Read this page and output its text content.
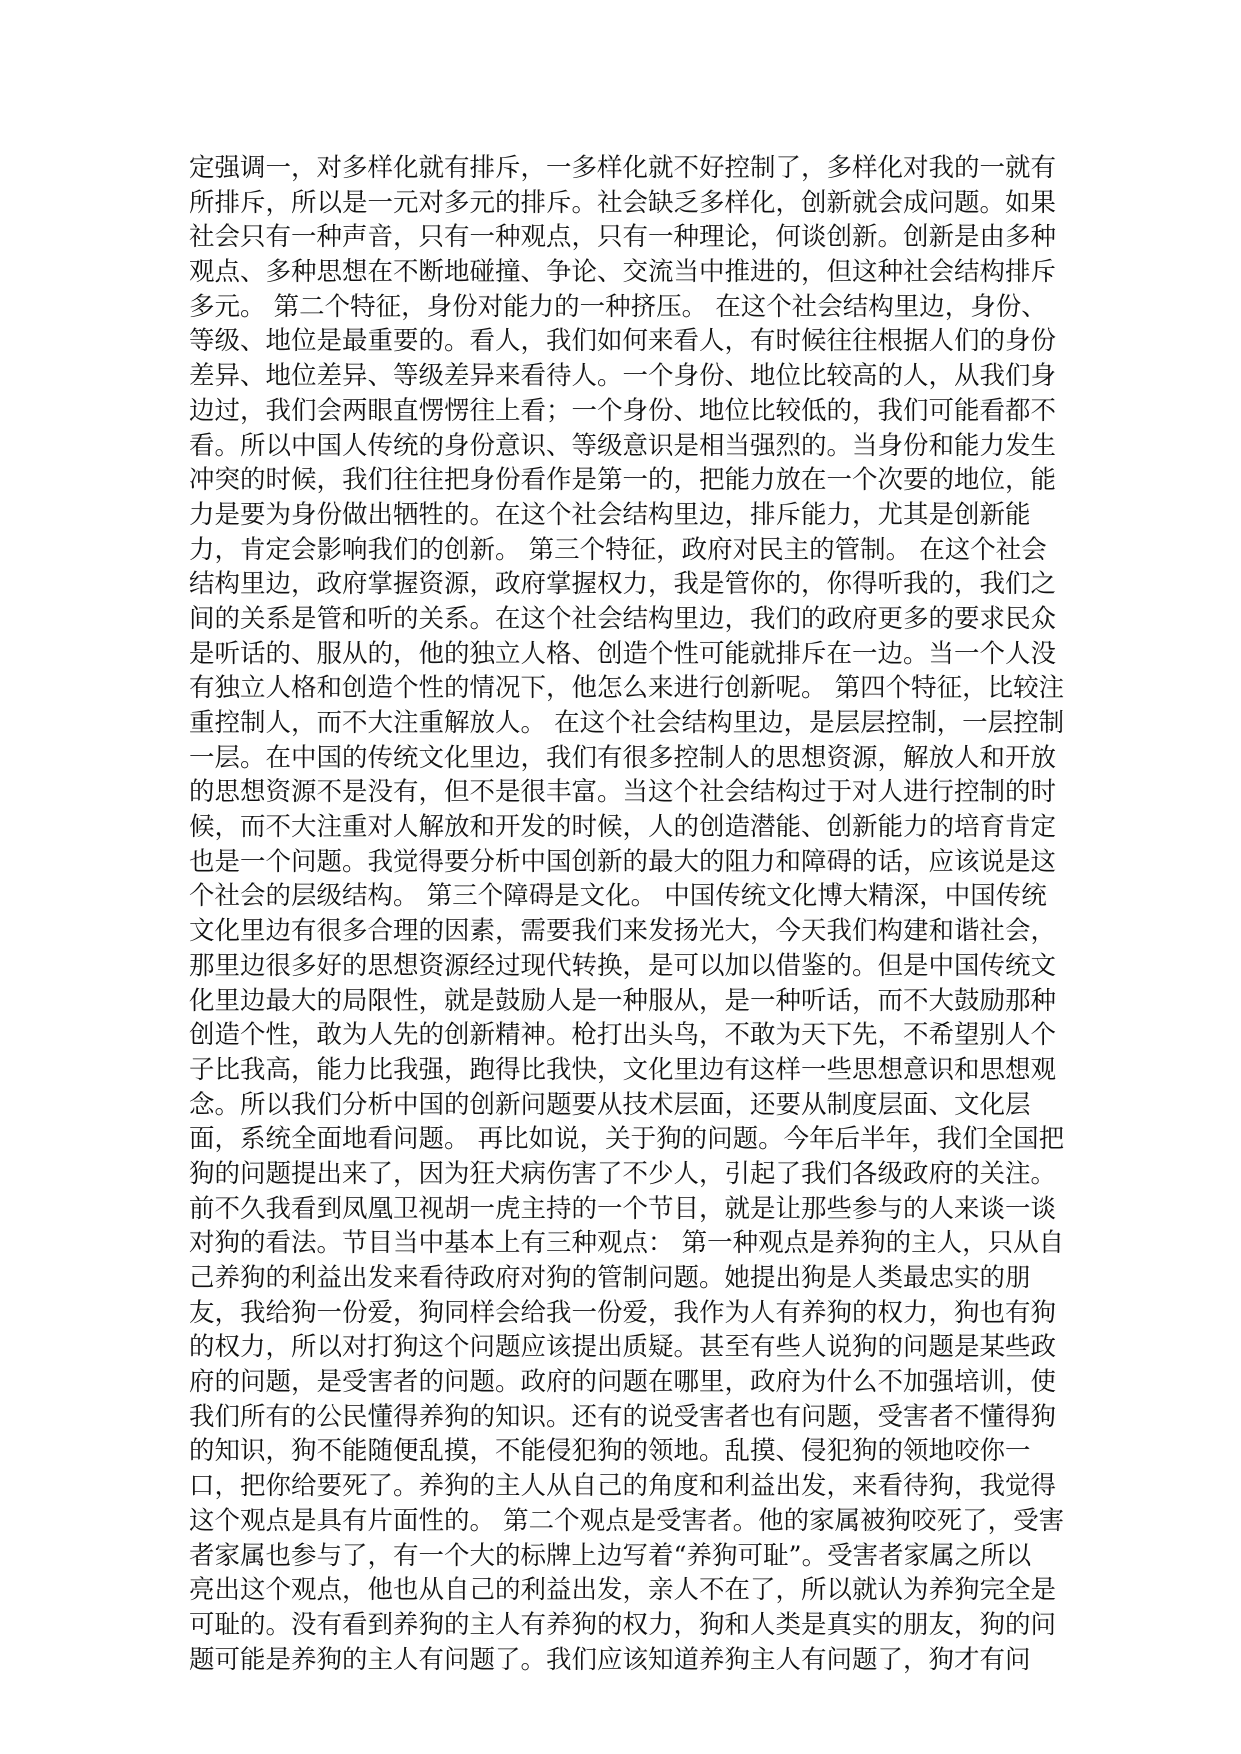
定强调一，对多样化就有排斥，一多样化就不好控制了，多样化对我的一就有
所排斥，所以是一元对多元的排斥。社会缺乏多样化，创新就会成问题。如果
社会只有一种声音，只有一种观点，只有一种理论，何谈创新。创新是由多种
观点、多种思想在不断地碰撞、争论、交流当中推进的，但这种社会结构排斥
多元。 第二个特征，身份对能力的一种挤压。 在这个社会结构里边，身份、
等级、地位是最重要的。看人，我们如何来看人，有时候往往根据人们的身份
差异、地位差异、等级差异来看待人。一个身份、地位比较高的人，从我们身
边过，我们会两眼直愣愣往上看；一个身份、地位比较低的，我们可能看都不
看。所以中国人传统的身份意识、等级意识是相当强烈的。当身份和能力发生
冲突的时候，我们往往把身份看作是第一的，把能力放在一个次要的地位，能
力是要为身份做出牺牲的。在这个社会结构里边，排斥能力，尤其是创新能
力，肯定会影响我们的创新。 第三个特征，政府对民主的管制。 在这个社会
结构里边，政府掌握资源，政府掌握权力，我是管你的，你得听我的，我们之
间的关系是管和听的关系。在这个社会结构里边，我们的政府更多的要求民众
是听话的、服从的，他的独立人格、创造个性可能就排斥在一边。当一个人没
有独立人格和创造个性的情况下，他怎么来进行创新呢。 第四个特征，比较注
重控制人，而不大注重解放人。 在这个社会结构里边，是层层控制，一层控制
一层。在中国的传统文化里边，我们有很多控制人的思想资源，解放人和开放
的思想资源不是没有，但不是很丰富。当这个社会结构过于对人进行控制的时
候，而不大注重对人解放和开发的时候，人的创造潜能、创新能力的培育肯定
也是一个问题。我觉得要分析中国创新的最大的阻力和障碍的话，应该说是这
个社会的层级结构。 第三个障碍是文化。 中国传统文化博大精深，中国传统
文化里边有很多合理的因素，需要我们来发扬光大，今天我们构建和谐社会，
那里边很多好的思想资源经过现代转换，是可以加以借鉴的。但是中国传统文
化里边最大的局限性，就是鼓励人是一种服从，是一种听话，而不大鼓励那种
创造个性，敢为人先的创新精神。枪打出头鸟，不敢为天下先，不希望别人个
子比我高，能力比我强，跑得比我快，文化里边有这样一些思想意识和思想观
念。所以我们分析中国的创新问题要从技术层面，还要从制度层面、文化层
面，系统全面地看问题。 再比如说，关于狗的问题。今年后半年，我们全国把
狗的问题提出来了，因为狂犬病伤害了不少人，引起了我们各级政府的关注。
前不久我看到凤凰卫视胡一虎主持的一个节目，就是让那些参与的人来谈一谈
对狗的看法。节目当中基本上有三种观点： 第一种观点是养狗的主人，只从自
己养狗的利益出发来看待政府对狗的管制问题。她提出狗是人类最忠实的朋
友，我给狗一份爱，狗同样会给我一份爱，我作为人有养狗的权力，狗也有狗
的权力，所以对打狗这个问题应该提出质疑。甚至有些人说狗的问题是某些政
府的问题，是受害者的问题。政府的问题在哪里，政府为什么不加强培训，使
我们所有的公民懂得养狗的知识。还有的说受害者也有问题，受害者不懂得狗
的知识，狗不能随便乱摸，不能侵犯狗的领地。乱摸、侵犯狗的领地咬你一
口，把你给要死了。养狗的主人从自己的角度和利益出发，来看待狗，我觉得
这个观点是具有片面性的。 第二个观点是受害者。他的家属被狗咬死了，受害
者家属也参与了，有一个大的标牌上边写着“养狗可耻”。受害者家属之所以
亮出这个观点，他也从自己的利益出发，亲人不在了，所以就认为养狗完全是
可耻的。没有看到养狗的主人有养狗的权力，狗和人类是真实的朋友，狗的问
题可能是养狗的主人有问题了。我们应该知道养狗主人有问题了，狗才有问
